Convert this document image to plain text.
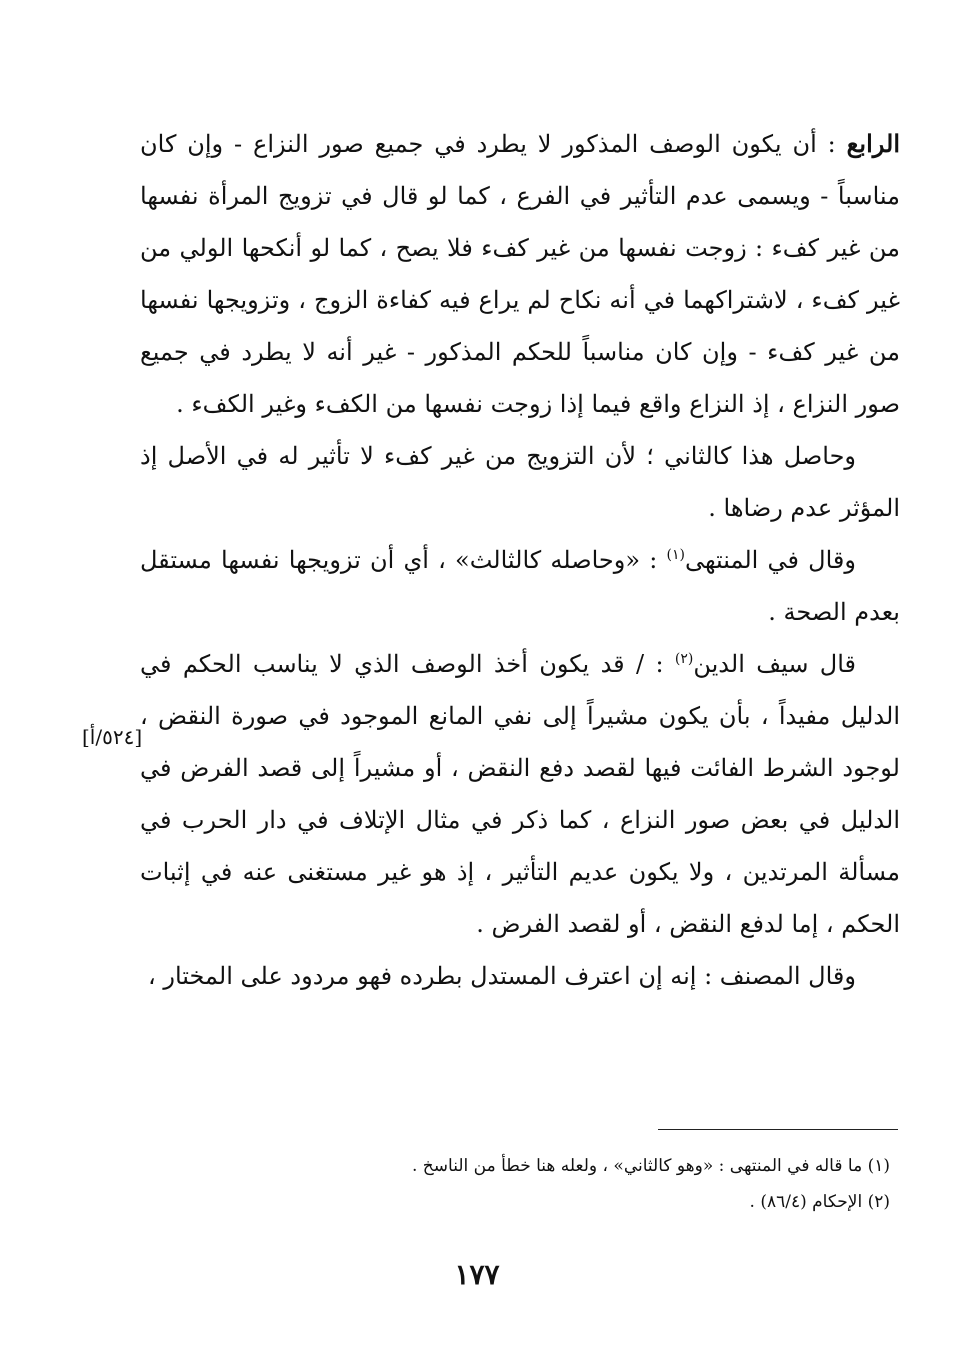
الرابع : أن يكون الوصف المذكور لا يطرد في جميع صور النزاع - وإن كان مناسباً - ويسمى عدم التأثير في الفرع ، كما لو قال في تزويج المرأة نفسها من غير كفء : زوجت نفسها من غير كفء فلا يصح ، كما لو أنكحها الولي من غير كفء ، لاشتراكهما في أنه نكاح لم يراع فيه كفاءة الزوج ، وتزويجها نفسها من غير كفء - وإن كان مناسباً للحكم المذكور - غير أنه لا يطرد في جميع صور النزاع ، إذ النزاع واقع فيما إذا زوجت نفسها من الكفء وغير الكفء .

وحاصل هذا كالثاني ؛ لأن التزويج من غير كفء لا تأثير له في الأصل إذ المؤثر عدم رضاها .

وقال في المنتهى$^{(١)}$ : «وحاصله كالثالث» ، أي أن تزويجها نفسها مستقل بعدم الصحة .

قال سيف الدين$^{(٢)}$ : / قد يكون أخذ الوصف الذي لا يناسب الحكم في الدليل مفيداً ، بأن يكون مشيراً إلى نفي المانع الموجود في صورة النقض ، لوجود الشرط الفائت فيها لقصد دفع النقض ، أو مشيراً إلى قصد الفرض في الدليل في بعض صور النزاع ، كما ذكر في مثال الإتلاف في دار الحرب في مسألة المرتدين ، ولا يكون عديم التأثير ، إذ هو غير مستغنى عنه في إثبات الحكم ، إما لدفع النقض ، أو لقصد الفرض .

وقال المصنف : إنه إن اعترف المستدل بطرده فهو مردود على المختار ،

[٥٢٤/أ]

(١) ما قاله في المنتهى : «وهو كالثاني» ، ولعله هنا خطأ من الناسخ .

(٢) الإحكام (٨٦/٤) .

١٧٧
